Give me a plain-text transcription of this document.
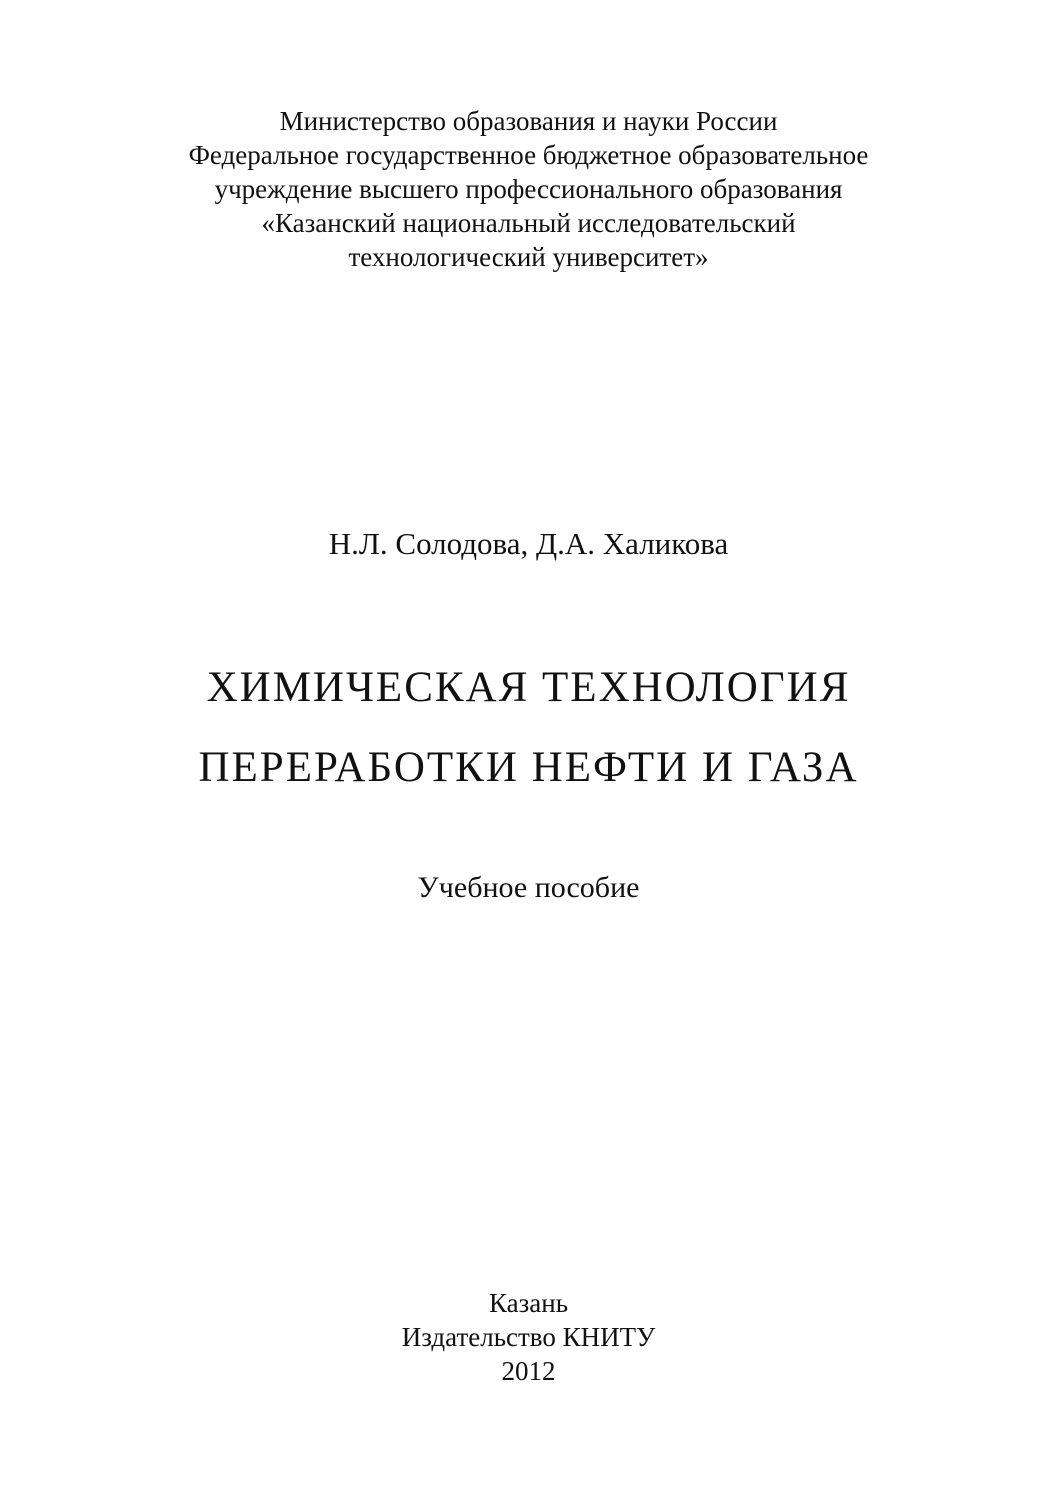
Министерство образования и науки России
Федеральное государственное бюджетное образовательное
учреждение высшего профессионального образования
«Казанский национальный исследовательский
технологический университет»
Н.Л. Солодова, Д.А. Халикова
ХИМИЧЕСКАЯ ТЕХНОЛОГИЯ
ПЕРЕРАБОТКИ НЕФТИ И ГАЗА
Учебное пособие
Казань
Издательство КНИТУ
2012
